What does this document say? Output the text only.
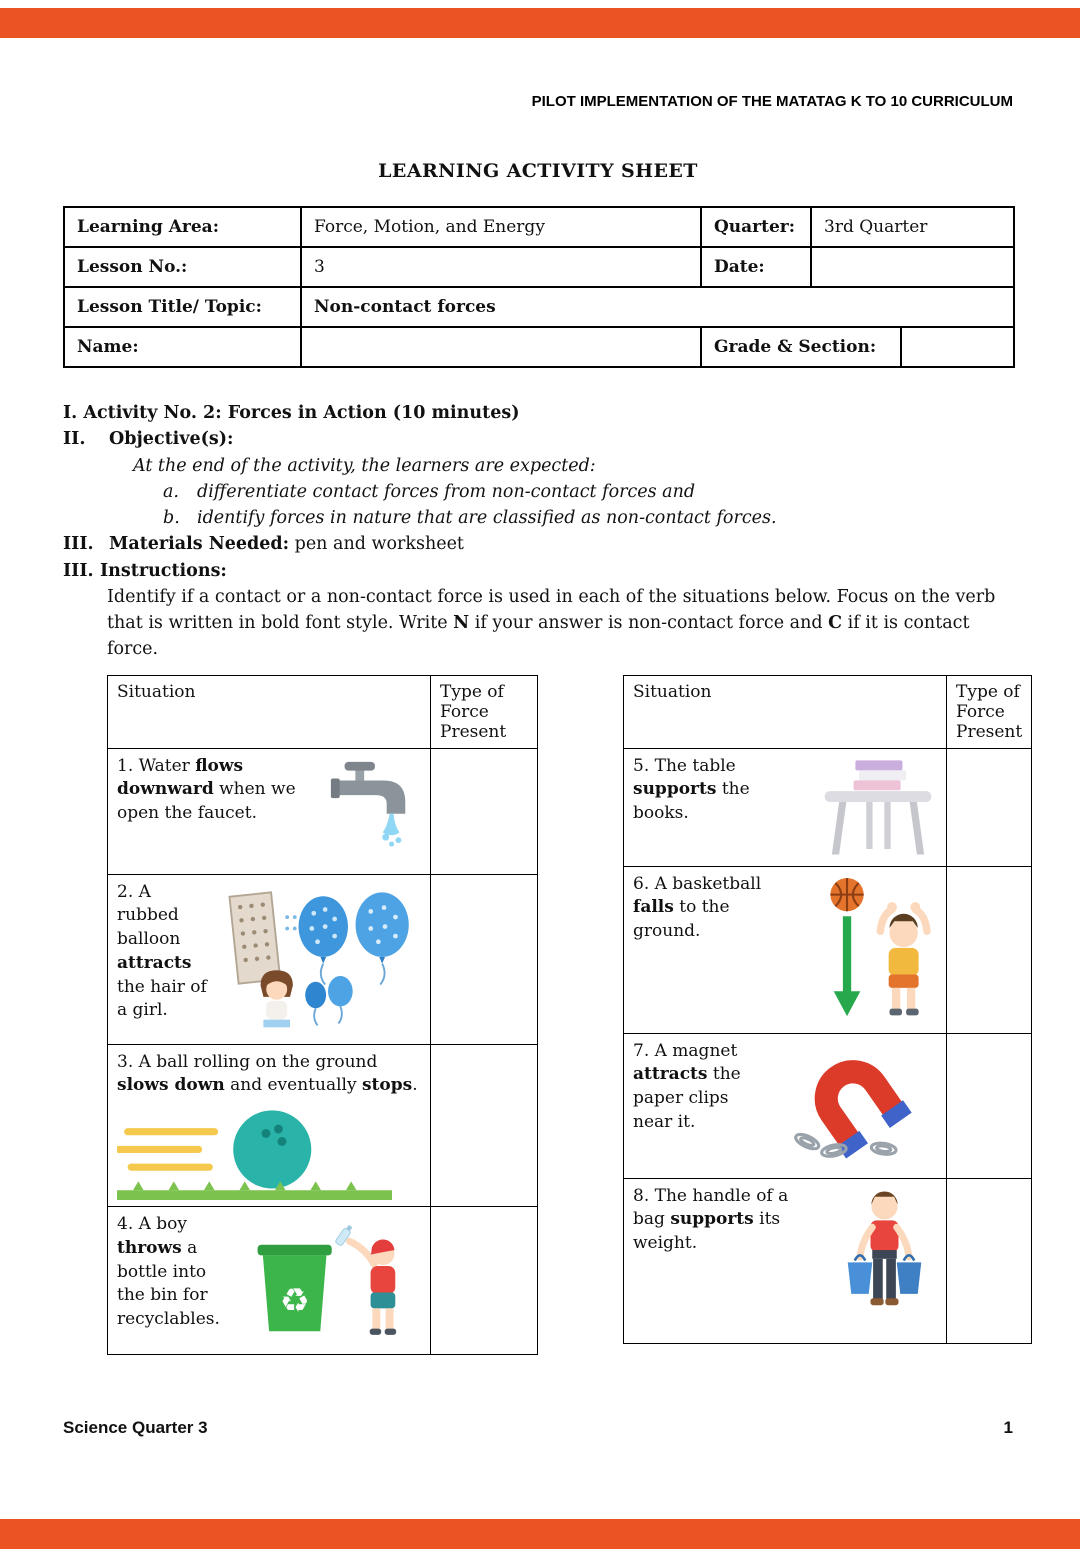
PILOT IMPLEMENTATION OF THE MATATAG K TO 10 CURRICULUM
LEARNING ACTIVITY SHEET
Learning Area:	Force, Motion, and Energy	Quarter:	3rd Quarter	
Lesson No.:	3	Date:		
Lesson Title/ Topic:	Non-contact forces			
Name:		Grade & Section:		
I. Activity No. 2: Forces in Action (10 minutes)
II.	Objective(s):
At the end of the activity, the learners are expected:
a.	differentiate contact forces from non-contact forces and
b. identify forces in nature that are classified as non-contact forces.
III. Materials Needed: pen and worksheet
III. Instructions:
Identify if a contact or a non-contact force is used in each of the situations below. Focus on the verb that is written in bold font style. Write N if your answer is non-contact force and C if it is contact force.
Situation	Type of Force Present

1. Water flows downward when we open the faucet.	

2. A rubbed balloon attracts the hair of a girl.	

3. A ball rolling on the ground slows down and eventually stops.	

4. A boy throws a bottle into the bin for recyclables. ♻	

Situation	Type of Force Present

5. The table supports the books.	

6. A basketball falls to the ground.	

7. A magnet attracts the paper clips near it.	

8. The handle of a bag supports its weight.	

Science Quarter 3	1
